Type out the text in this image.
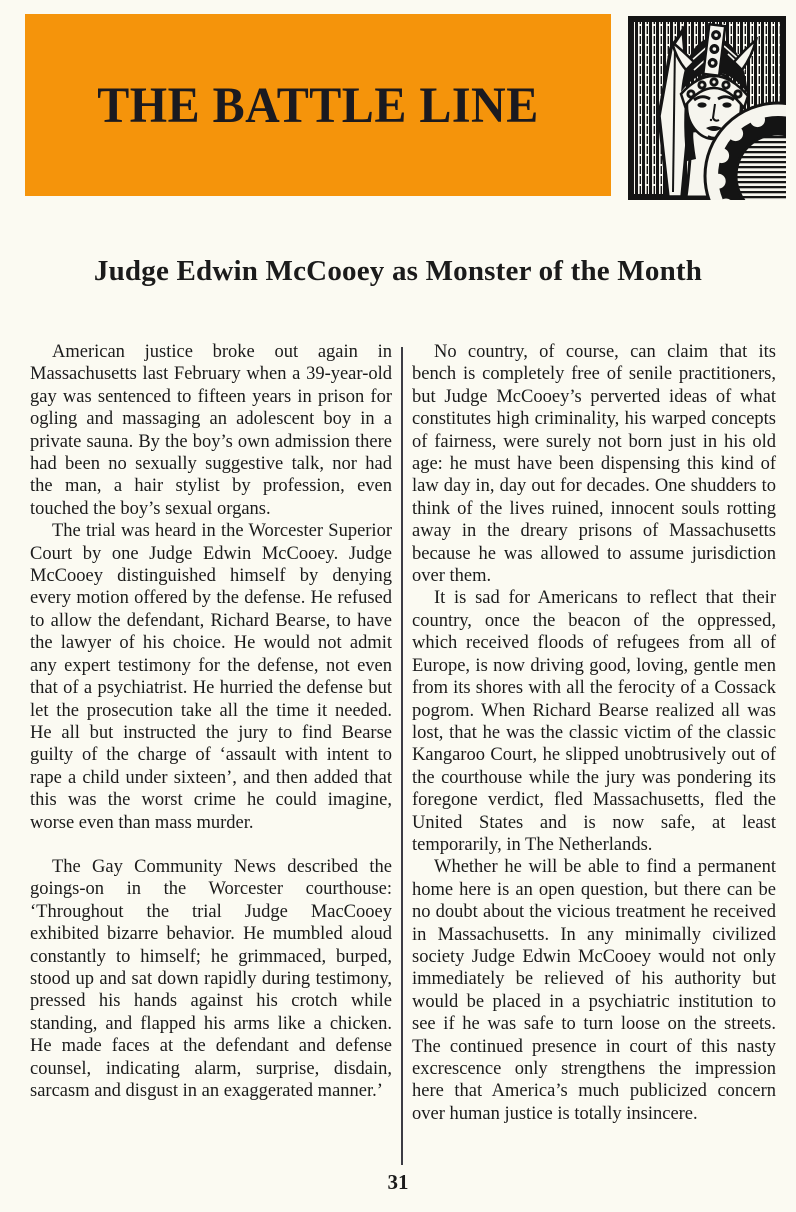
THE BATTLE LINE
Judge Edwin McCooey as Monster of the Month

American justice broke out again in Massachusetts last February when a 39-year-old gay was sentenced to fifteen years in prison for ogling and massaging an adolescent boy in a private sauna. By the boy’s own admission there had been no sexually suggestive talk, nor had the man, a hair stylist by profession, even touched the boy’s sexual organs.

The trial was heard in the Worcester Superior Court by one Judge Edwin McCooey. Judge McCooey distinguished himself by denying every motion offered by the defense. He refused to allow the defendant, Richard Bearse, to have the lawyer of his choice. He would not admit any expert testimony for the defense, not even that of a psychiatrist. He hurried the defense but let the prosecution take all the time it needed. He all but instructed the jury to find Bearse guilty of the charge of ‘assault with intent to rape a child under sixteen’, and then added that this was the worst crime he could imagine, worse even than mass murder.

The Gay Community News described the goings-on in the Worcester courthouse: ‘Throughout the trial Judge MacCooey exhibited bizarre behavior. He mumbled aloud constantly to himself; he grimmaced, burped, stood up and sat down rapidly during testimony, pressed his hands against his crotch while standing, and flapped his arms like a chicken. He made faces at the defendant and defense counsel, indicating alarm, surprise, disdain, sarcasm and disgust in an exaggerated manner.’

No country, of course, can claim that its bench is completely free of senile practitioners, but Judge McCooey’s perverted ideas of what constitutes high criminality, his warped concepts of fairness, were surely not born just in his old age: he must have been dispensing this kind of law day in, day out for decades. One shudders to think of the lives ruined, innocent souls rotting away in the dreary prisons of Massachusetts because he was allowed to assume jurisdiction over them.

It is sad for Americans to reflect that their country, once the beacon of the oppressed, which received floods of refugees from all of Europe, is now driving good, loving, gentle men from its shores with all the ferocity of a Cossack pogrom. When Richard Bearse realized all was lost, that he was the classic victim of the classic Kangaroo Court, he slipped unobtrusively out of the courthouse while the jury was pondering its foregone verdict, fled Massachusetts, fled the United States and is now safe, at least temporarily, in The Netherlands.

Whether he will be able to find a permanent home here is an open question, but there can be no doubt about the vicious treatment he received in Massachusetts. In any minimally civilized society Judge Edwin McCooey would not only immediately be relieved of his authority but would be placed in a psychiatric institution to see if he was safe to turn loose on the streets. The continued presence in court of this nasty excrescence only strengthens the impression here that America’s much publicized concern over human justice is totally insincere.

31
